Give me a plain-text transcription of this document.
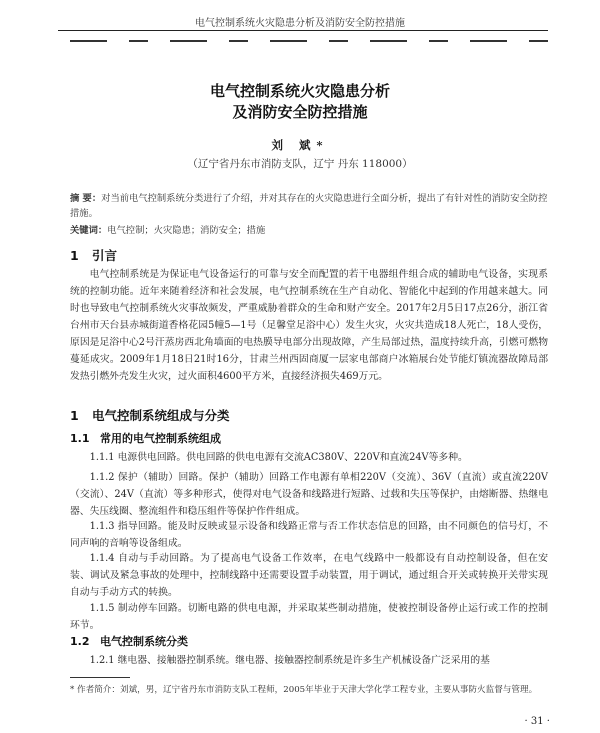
电气控制系统火灾隐患分析及消防安全防控措施
电气控制系统火灾隐患分析
及消防安全防控措施
刘 斌*
（辽宁省丹东市消防支队，辽宁 丹东 118000）
摘 要：对当前电气控制系统分类进行了介绍，并对其存在的火灾隐患进行全面分析，提出了有针对性的消防安全防控措施。
关键词：电气控制；火灾隐患；消防安全；措施
1 引言
电气控制系统是为保证电气设备运行的可靠与安全而配置的若干电器组件组合成的辅助电气设备，实现系统的控制功能。近年来随着经济和社会发展，电气控制系统在生产自动化、智能化中起到的作用越来越大。同时也导致电气控制系统火灾事故频发，严重威胁着群众的生命和财产安全。2017年2月5日17点26分，浙江省台州市天台县赤城街道香格花园5幢5—1号（足馨堂足浴中心）发生火灾，火灾共造成18人死亡，18人受伤，原因是足浴中心2号汗蒸房西北角墙面的电热膜导电部分出现故障，产生局部过热，温度持续升高，引燃可燃物蔓延成灾。2009年1月18日21时16分，甘肃兰州西固商厦一层家电部商户冰箱展台处节能灯镇流器故障局部发热引燃外壳发生火灾，过火面积4600平方米，直接经济损失469万元。
1 电气控制系统组成与分类
1.1 常用的电气控制系统组成
1.1.1 电源供电回路。供电回路的供电电源有交流AC380V、220V和直流24V等多种。
1.1.2 保护（辅助）回路。保护（辅助）回路工作电源有单相220V（交流）、36V（直流）或直流220V（交流）、24V（直流）等多种形式，使得对电气设备和线路进行短路、过载和失压等保护，由熔断器、热继电器、失压线圈、整流组件和稳压组件等保护作件组成。
1.1.3 指导回路。能及时反映或显示设备和线路正常与否工作状态信息的回路，由不同颜色的信号灯，不同声响的音响等设备组成。
1.1.4 自动与手动回路。为了提高电气设备工作效率，在电气线路中一般都设有自动控制设备，但在安装、调试及紧急事故的处理中，控制线路中还需要设置手动装置，用于调试，通过组合开关或转换开关带实现自动与手动方式的转换。
1.1.5 制动停车回路。切断电路的供电电源，并采取某些制动措施，使被控制设备停止运行或工作的控制环节。
1.2 电气控制系统分类
1.2.1 继电器、接触器控制系统。继电器、接触器控制系统是许多生产机械设备广泛采用的基
* 作者简介：刘斌，男，辽宁省丹东市消防支队工程师，2005年毕业于天津大学化学工程专业，主要从事防火监督与管理。
· 31 ·
